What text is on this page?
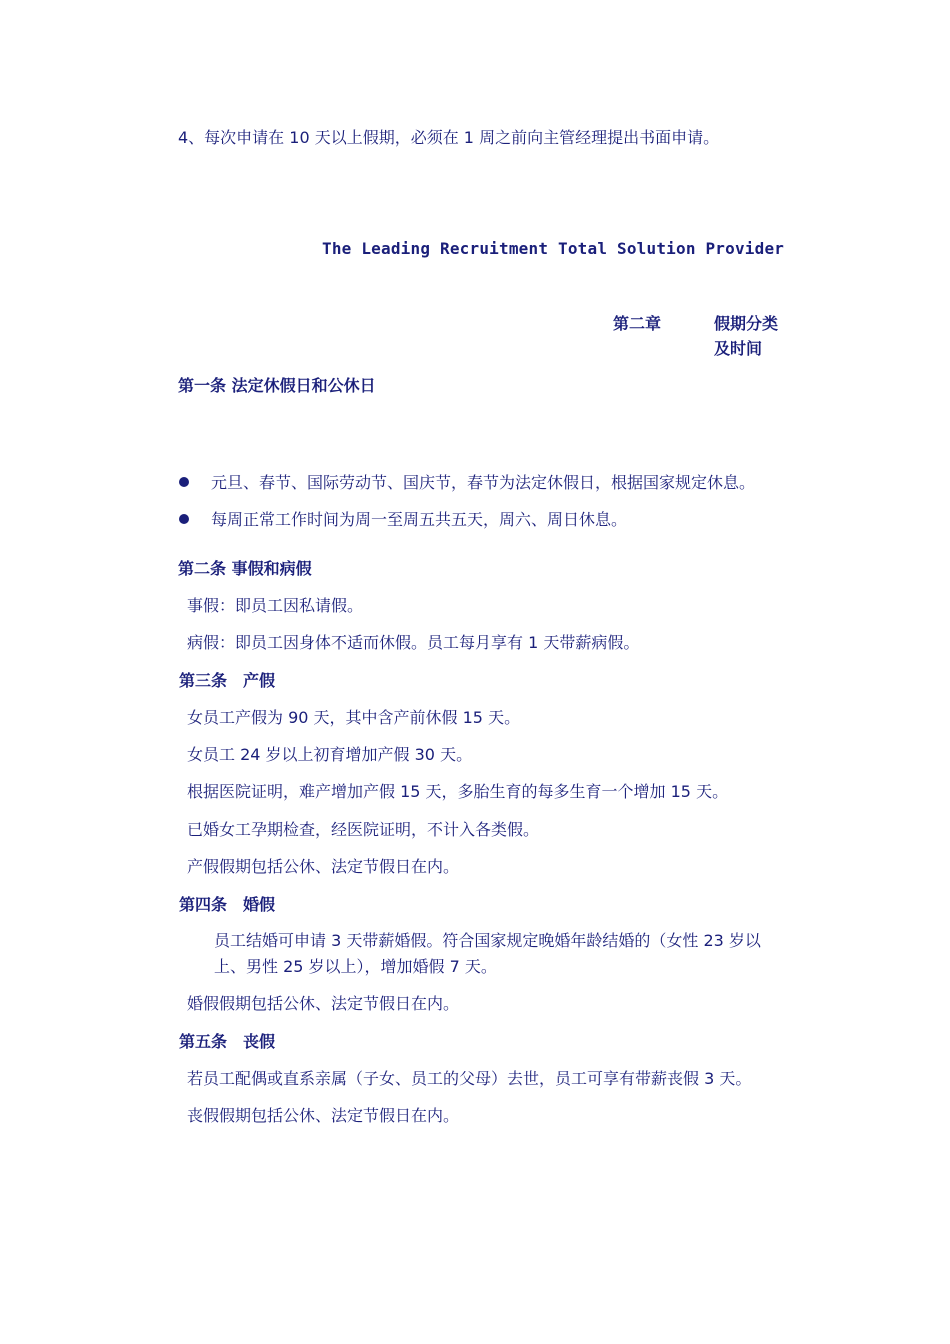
4、每次申请在 10 天以上假期，必须在 1 周之前向主管经理提出书面申请。
The Leading Recruitment Total Solution Provider
第二章	假期分类
及时间
第一条 法定休假日和公休日
元旦、春节、国际劳动节、国庆节，春节为法定休假日，根据国家规定休息。
每周正常工作时间为周一至周五共五天，周六、周日休息。
第二条 事假和病假
事假：即员工因私请假。
病假：即员工因身体不适而休假。员工每月享有 1 天带薪病假。
第三条　产假
女员工产假为 90 天，其中含产前休假 15 天。
女员工 24 岁以上初育增加产假 30 天。
根据医院证明，难产增加产假 15 天，多胎生育的每多生育一个增加 15 天。
已婚女工孕期检查，经医院证明，不计入各类假。
产假假期包括公休、法定节假日在内。
第四条　婚假
员工结婚可申请 3 天带薪婚假。符合国家规定晚婚年龄结婚的（女性 23 岁以
上、男性 25 岁以上），增加婚假 7 天。
婚假假期包括公休、法定节假日在内。
第五条　丧假
若员工配偶或直系亲属（子女、员工的父母）去世，员工可享有带薪丧假 3 天。
丧假假期包括公休、法定节假日在内。
